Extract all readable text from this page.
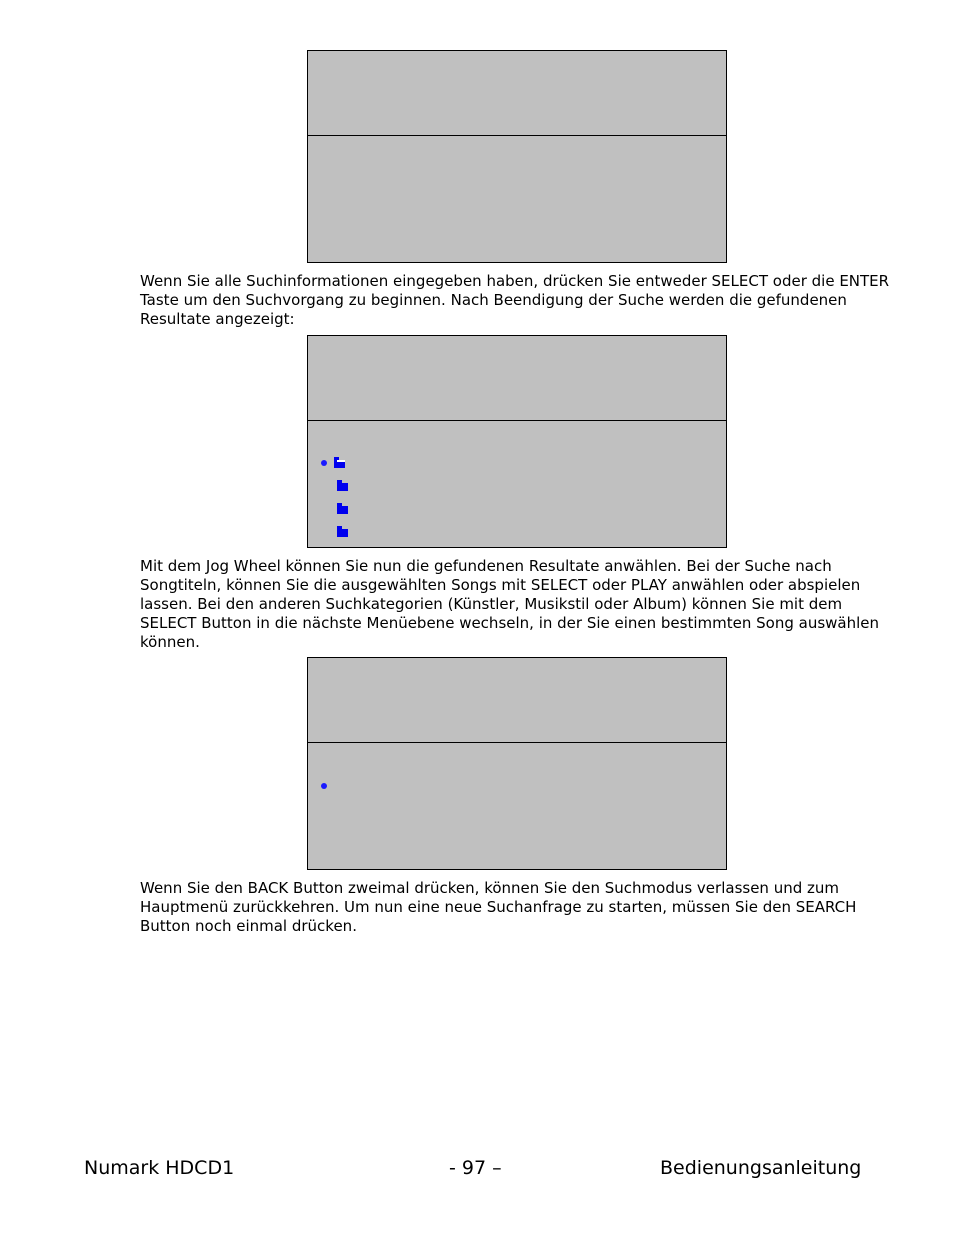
Wenn Sie alle Suchinformationen eingegeben haben, drücken Sie entweder SELECT oder die ENTER Taste um den Suchvorgang zu beginnen. Nach Beendigung der Suche werden die gefundenen Resultate angezeigt:

Mit dem Jog Wheel können Sie nun die gefundenen Resultate anwählen. Bei der Suche nach Songtiteln, können Sie die ausgewählten Songs mit SELECT oder PLAY anwählen oder abspielen lassen. Bei den anderen Suchkategorien (Künstler, Musikstil oder Album) können Sie mit dem SELECT Button in die nächste Menüebene wechseln, in der Sie einen bestimmten Song auswählen können.

Wenn Sie den BACK Button zweimal drücken, können Sie den Suchmodus verlassen und zum Hauptmenü zurückkehren. Um nun eine neue Suchanfrage zu starten, müssen Sie den SEARCH Button noch einmal drücken.

Numark HDCD1	- 97 –	Bedienungsanleitung
